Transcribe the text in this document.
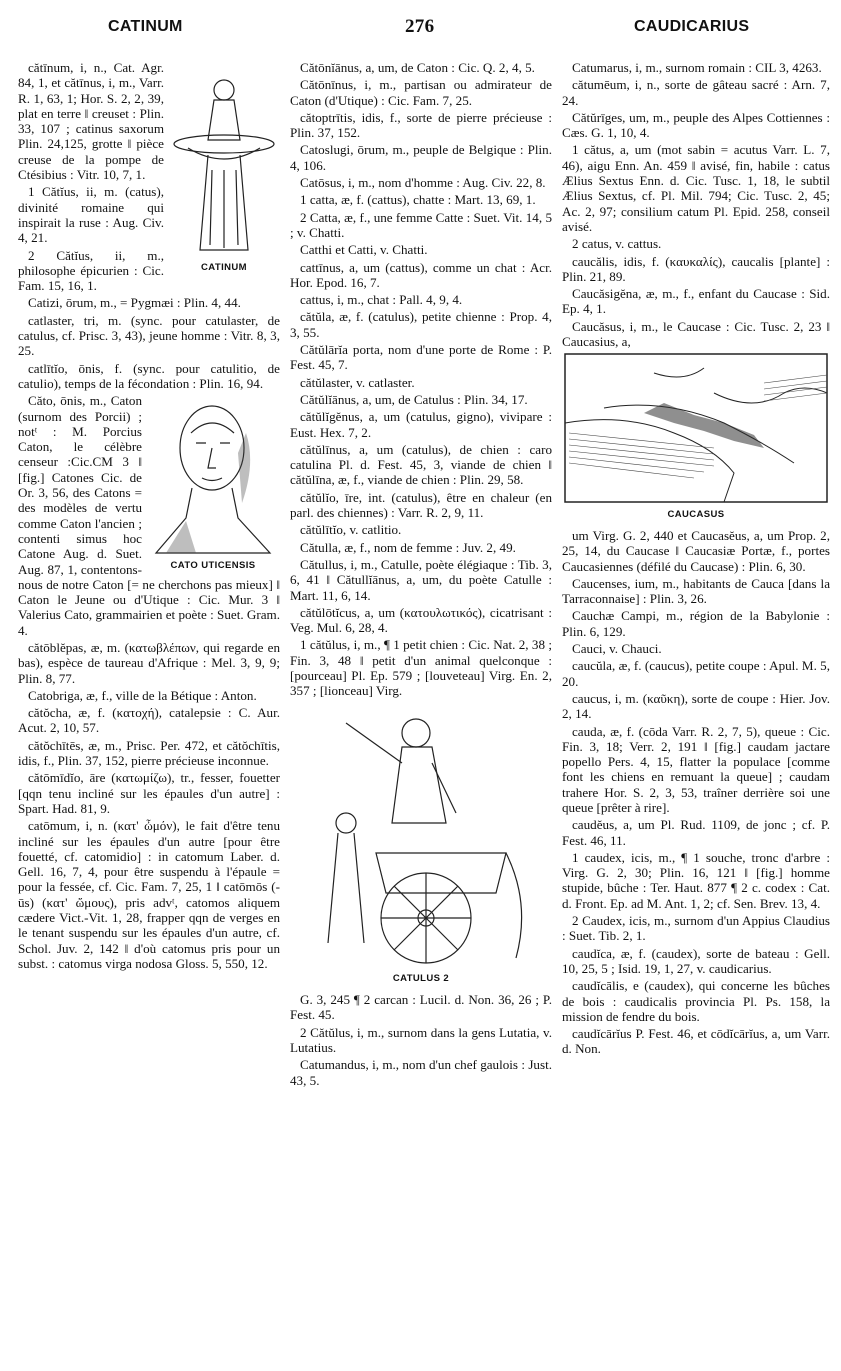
CATINUM	276	CAUDICARIUS
CATINUM

cătīnum, i, n., Cat. Agr. 84, 1, et cătīnus, i, m., Varr. R. 1, 63, 1; Hor. S. 2, 2, 39, plat en terre ‖ creuset : Plin. 33, 107 ; catinus saxorum Plin. 24,125, grotte ‖ pièce creuse de la pompe de Ctésibius : Vitr. 10, 7, 1.

1 Cătĭus, ii, m. (catus), divinité romaine qui inspirait la ruse : Aug. Civ. 4, 21.

2 Cătĭus, ii, m., philosophe épicurien : Cic. Fam. 15, 16, 1.

Catizi, ōrum, m., = Pygmæi : Plin. 4, 44.

catlaster, tri, m. (sync. pour catulaster, de catulus, cf. Prisc. 3, 43), jeune homme : Vitr. 8, 3, 25.

catlītĭo, ōnis, f. (sync. pour catulitio, de catulio), temps de la fécondation : Plin. 16, 94.

CATO UTICENSIS

Căto, ōnis, m., Caton (surnom des Porcii) ; notᵗ : M. Porcius Caton, le célèbre censeur :Cic.CM 3 ‖ [fig.] Catones Cic. de Or. 3, 56, des Catons = des modèles de vertu comme Caton l'ancien ; contenti simus hoc Catone Aug. d. Suet. Aug. 87, 1, contentons-nous de notre Caton [= ne cherchons pas mieux] ‖ Caton le Jeune ou d'Utique : Cic. Mur. 3 ‖ Valerius Cato, grammairien et poète : Suet. Gram. 4.

cătōblĕpas, æ, m. (κατωβλέπων, qui regarde en bas), espèce de taureau d'Afrique : Mel. 3, 9, 9; Plin. 8, 77.

Catobriga, æ, f., ville de la Bétique : Anton.

cătŏcha, æ, f. (κατοχή), catalepsie : C. Aur. Acut. 2, 10, 57.

cătŏchītēs, æ, m., Prisc. Per. 472, et cătŏchītis, idis, f., Plin. 37, 152, pierre précieuse inconnue.

cătōmīdĭo, āre (κατωμίζω), tr., fesser, fouetter [qqn tenu incliné sur les épaules d'un autre] : Spart. Had. 81, 9.

catōmum, i, n. (κατ' ὦμόν), le fait d'être tenu incliné sur les épaules d'un autre [pour être fouetté, cf. catomidio] : in catomum Laber. d. Gell. 16, 7, 4, pour être suspendu à l'épaule = pour la fessée, cf. Cic. Fam. 7, 25, 1 ‖ catōmōs (-ūs) (κατ' ὤμους), pris advᵗ, catomos aliquem cædere Vict.-Vit. 1, 28, frapper qqn de verges en le tenant suspendu sur les épaules d'un autre, cf. Schol. Juv. 2, 142 ‖ d'où catomus pris pour un subst. : catomus virga nodosa Gloss. 5, 550, 12.

Cătōnĭānus, a, um, de Caton : Cic. Q. 2, 4, 5.

Cătōnīnus, i, m., partisan ou admirateur de Caton (d'Utique) : Cic. Fam. 7, 25.

cătoptrītis, idis, f., sorte de pierre précieuse : Plin. 37, 152.

Catoslugi, ōrum, m., peuple de Belgique : Plin. 4, 106.

Catōsus, i, m., nom d'homme : Aug. Civ. 22, 8.

1 catta, æ, f. (cattus), chatte : Mart. 13, 69, 1.

2 Catta, æ, f., une femme Catte : Suet. Vit. 14, 5 ; v. Chatti.

Catthi et Catti, v. Chatti.

cattīnus, a, um (cattus), comme un chat : Acr. Hor. Epod. 16, 7.

cattus, i, m., chat : Pall. 4, 9, 4.

cătŭla, æ, f. (catulus), petite chienne : Prop. 4, 3, 55.

Cătŭlārĭa porta, nom d'une porte de Rome : P. Fest. 45, 7.

cătŭlaster, v. catlaster.

Cătŭlĭānus, a, um, de Catulus : Plin. 34, 17.

cătŭlĭgĕnus, a, um (catulus, gigno), vivipare : Eust. Hex. 7, 2.

cătŭlīnus, a, um (catulus), de chien : caro catulina Pl. d. Fest. 45, 3, viande de chien ‖ cătŭlīna, æ, f., viande de chien : Plin. 29, 58.

cătŭlĭo, īre, int. (catulus), être en chaleur (en parl. des chiennes) : Varr. R. 2, 9, 11.

cătŭlītĭo, v. catlitio.

Cătulla, æ, f., nom de femme : Juv. 2, 49.

Cătullus, i, m., Catulle, poète élégiaque : Tib. 3, 6, 41 ‖ Cătullĭānus, a, um, du poète Catulle : Mart. 11, 6, 14.

cătŭlōtĭcus, a, um (κατουλωτικός), cicatrisant : Veg. Mul. 6, 28, 4.

1 cătŭlus, i, m., ¶ 1 petit chien : Cic. Nat. 2, 38 ; Fin. 3, 48 ‖ petit d'un animal quelconque : [pourceau] Pl. Ep. 579 ; [louveteau] Virg. En. 2, 357 ; [lionceau] Virg.

CATULUS 2

G. 3, 245 ¶ 2 carcan : Lucil. d. Non. 36, 26 ; P. Fest. 45.

2 Cătŭlus, i, m., surnom dans la gens Lutatia, v. Lutatius.

Catumandus, i, m., nom d'un chef gaulois : Just. 43, 5.

Catumarus, i, m., surnom romain : CIL 3, 4263.

cătumēum, i, n., sorte de gâteau sacré : Arn. 7, 24.

Cătŭrīges, um, m., peuple des Alpes Cottiennes : Cæs. G. 1, 10, 4.

1 cătus, a, um (mot sabin = acutus Varr. L. 7, 46), aigu Enn. An. 459 ‖ avisé, fin, habile : catus Ælius Sextus Enn. d. Cic. Tusc. 1, 18, le subtil Ælius Sextus, cf. Pl. Mil. 794; Cic. Tusc. 2, 45; Ac. 2, 97; consilium catum Pl. Epid. 258, conseil avisé.

2 catus, v. cattus.

caucălis, idis, f. (καυκαλίς), caucalis [plante] : Plin. 21, 89.

Caucăsigĕna, æ, m., f., enfant du Caucase : Sid. Ep. 4, 1.

Caucăsus, i, m., le Caucase : Cic. Tusc. 2, 23 ‖ Caucasius, a,

CAUCASUS

um Virg. G. 2, 440 et Caucasĕus, a, um Prop. 2, 25, 14, du Caucase ‖ Caucasiæ Portæ, f., portes Caucasiennes (défilé du Caucase) : Plin. 6, 30.

Caucenses, ium, m., habitants de Cauca [dans la Tarraconnaise] : Plin. 3, 26.

Cauchæ Campi, m., région de la Babylonie : Plin. 6, 129.

Cauci, v. Chauci.

caucŭla, æ, f. (caucus), petite coupe : Apul. M. 5, 20.

caucus, i, m. (καῦκη), sorte de coupe : Hier. Jov. 2, 14.

cauda, æ, f. (cōda Varr. R. 2, 7, 5), queue : Cic. Fin. 3, 18; Verr. 2, 191 ‖ [fig.] caudam jactare popello Pers. 4, 15, flatter la populace [comme font les chiens en remuant la queue] ; caudam trahere Hor. S. 2, 3, 53, traîner derrière soi une queue [prêter à rire].

caudĕus, a, um Pl. Rud. 1109, de jonc ; cf. P. Fest. 46, 11.

1 caudex, icis, m., ¶ 1 souche, tronc d'arbre : Virg. G. 2, 30; Plin. 16, 121 ‖ [fig.] homme stupide, bûche : Ter. Haut. 877 ¶ 2 c. codex : Cat. d. Front. Ep. ad M. Ant. 1, 2; cf. Sen. Brev. 13, 4.

2 Caudex, icis, m., surnom d'un Appius Claudius : Suet. Tib. 2, 1.

caudĭca, æ, f. (caudex), sorte de bateau : Gell. 10, 25, 5 ; Isid. 19, 1, 27, v. caudicarius.

caudĭcālis, e (caudex), qui concerne les bûches de bois : caudicalis provincia Pl. Ps. 158, la mission de fendre du bois.

caudĭcārĭus P. Fest. 46, et cōdĭcārĭus, a, um Varr. d. Non.
